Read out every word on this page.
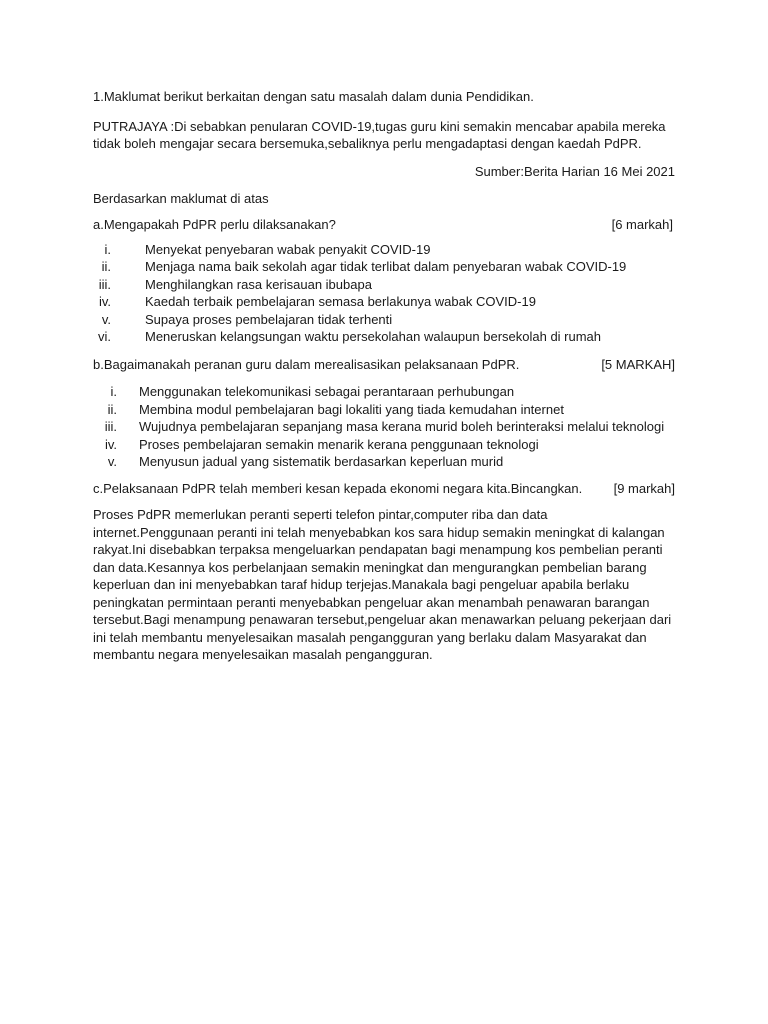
1.Maklumat berikut berkaitan dengan satu masalah dalam dunia Pendidikan.

PUTRAJAYA :Di sebabkan penularan COVID-19,tugas guru kini semakin mencabar apabila mereka

tidak boleh mengajar secara bersemuka,sebaliknya perlu mengadaptasi dengan kaedah PdPR.

Sumber:Berita Harian 16 Mei 2021

Berdasarkan maklumat di atas

a.Mengapakah PdPR perlu dilaksanakan?	[6 markah]
i.	Menyekat penyebaran wabak penyakit COVID-19
ii.	Menjaga nama baik sekolah agar tidak terlibat dalam penyebaran wabak COVID-19
iii.	Menghilangkan rasa kerisauan ibubapa
iv.	Kaedah terbaik pembelajaran semasa berlakunya wabak COVID-19
v.	Supaya proses pembelajaran tidak terhenti
vi.	Meneruskan kelangsungan waktu persekolahan walaupun bersekolah di rumah
b.Bagaimanakah peranan guru dalam merealisasikan pelaksanaan PdPR.	[5 MARKAH]
i. Menggunakan telekomunikasi sebagai perantaraan perhubungan
ii. Membina modul pembelajaran bagi lokaliti yang tiada kemudahan internet
iii. Wujudnya pembelajaran sepanjang masa kerana murid boleh berinteraksi melalui teknologi
iv. Proses pembelajaran semakin menarik kerana penggunaan teknologi
v. Menyusun jadual yang sistematik berdasarkan keperluan murid
c.Pelaksanaan PdPR telah memberi kesan kepada ekonomi negara kita.Bincangkan. [9 markah]

Proses PdPR memerlukan peranti seperti telefon pintar,computer riba dan data

internet.Penggunaan peranti ini telah menyebabkan kos sara hidup semakin meningkat di kalangan

rakyat.Ini disebabkan terpaksa mengeluarkan pendapatan bagi menampung kos pembelian peranti

dan data.Kesannya kos perbelanjaan semakin meningkat dan mengurangkan pembelian barang

keperluan dan ini menyebabkan taraf hidup terjejas.Manakala bagi pengeluar apabila berlaku

peningkatan permintaan peranti menyebabkan pengeluar akan menambah penawaran barangan

tersebut.Bagi menampung penawaran tersebut,pengeluar akan menawarkan peluang pekerjaan dari

ini telah membantu menyelesaikan masalah pengangguran yang berlaku dalam Masyarakat dan

membantu negara menyelesaikan masalah pengangguran.
